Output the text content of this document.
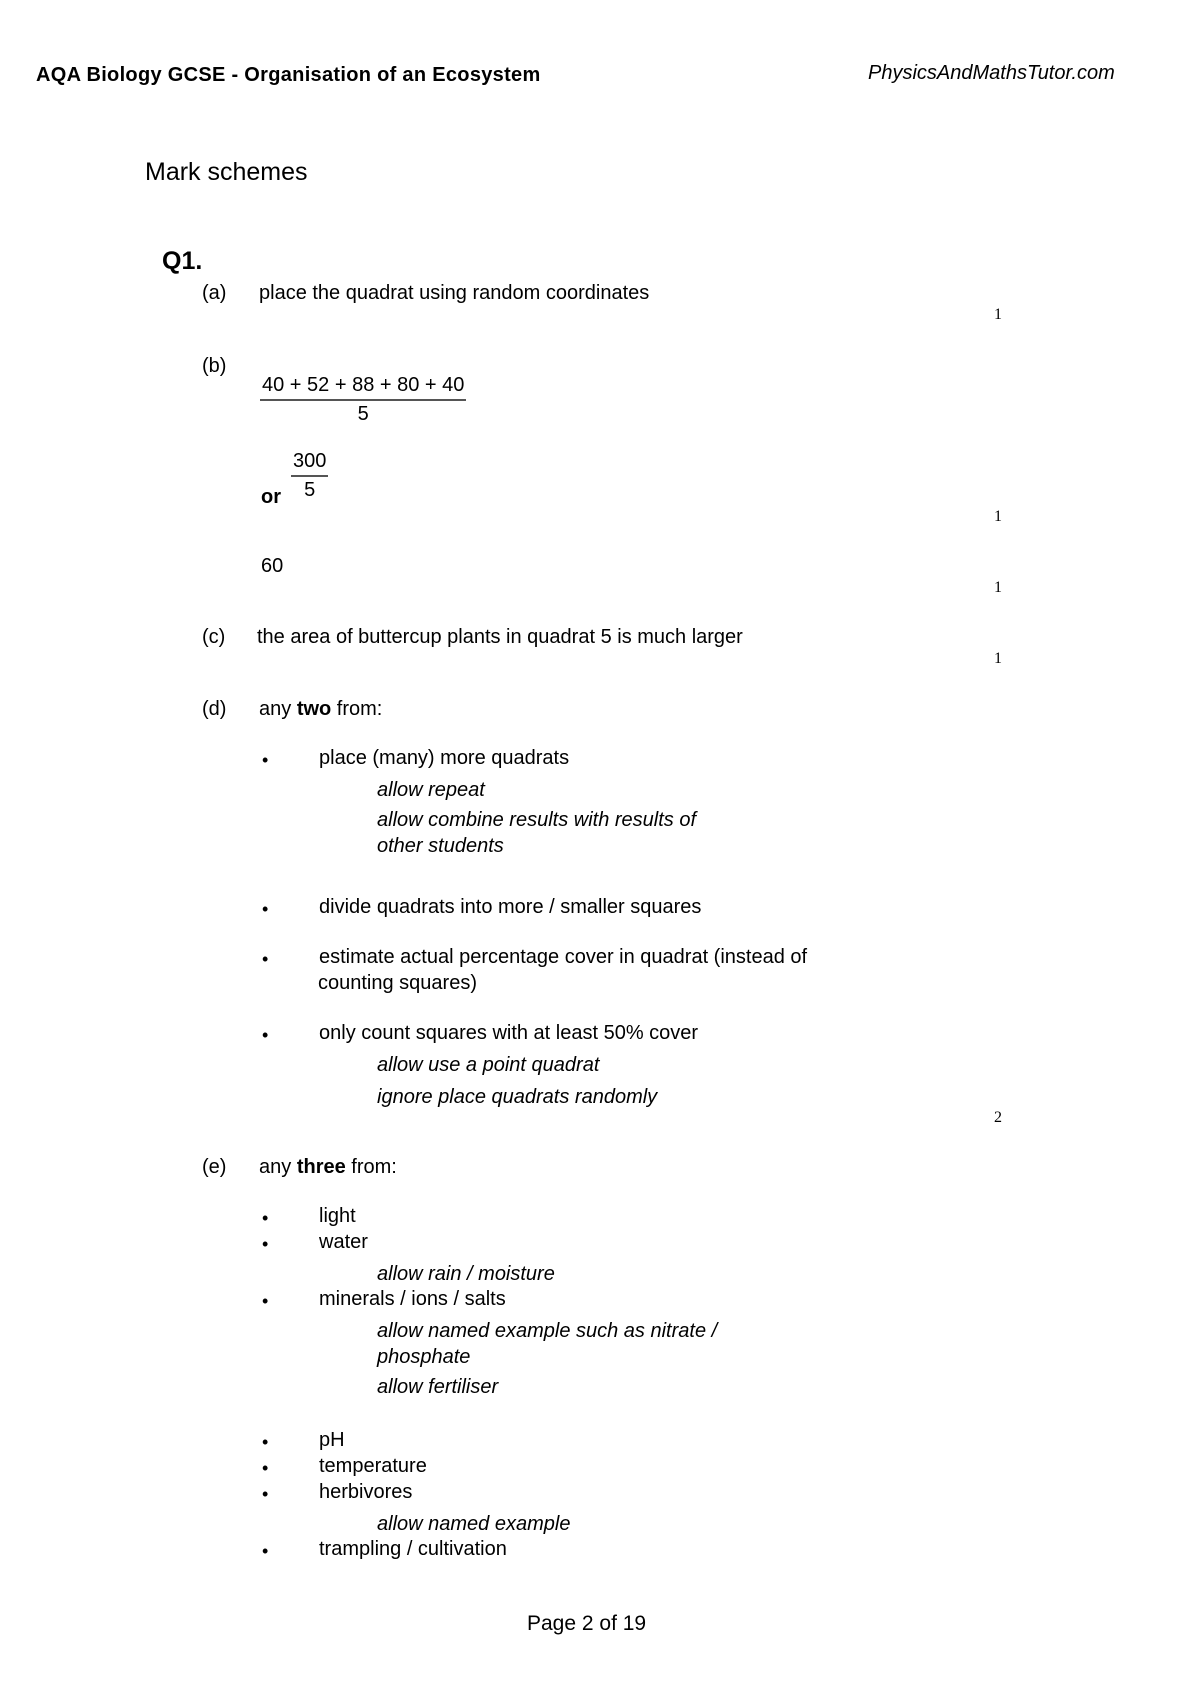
AQA Biology GCSE - Organisation of an Ecosystem	PhysicsAndMathsTutor.com
Mark schemes
Q1.
(a) place the quadrat using random coordinates
1
(b)
40 + 52 + 88 + 80 + 40
5
or
300
5
1
60
1
(c) the area of buttercup plants in quadrat 5 is much larger
1
(d) any two from:
•	place (many) more quadrats
allow repeat
allow combine results with results of
other students
•	divide quadrats into more / smaller squares
•	estimate actual percentage cover in quadrat (instead of
counting squares)
•	only count squares with at least 50% cover
allow use a point quadrat
ignore place quadrats randomly
2
(e) any three from:
•	light
•	water
allow rain / moisture
•	minerals / ions / salts
allow named example such as nitrate /
phosphate
allow fertiliser
•	pH
•	temperature
•	herbivores
allow named example
•	trampling / cultivation
Page 2 of 19
